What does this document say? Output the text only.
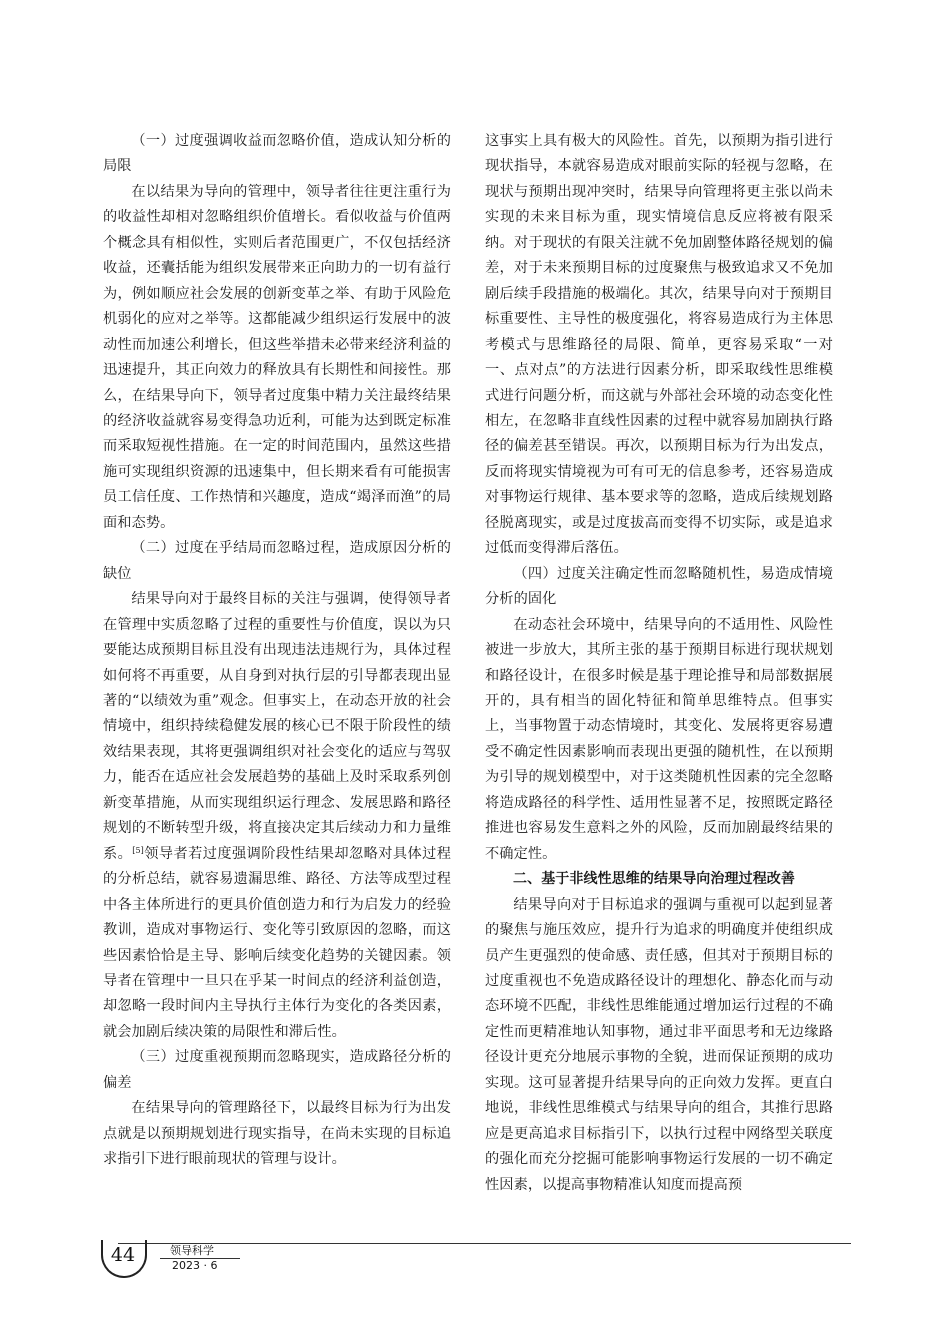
（一）过度强调收益而忽略价值，造成认知分析的局限

在以结果为导向的管理中，领导者往往更注重行为的收益性却相对忽略组织价值增长。看似收益与价值两个概念具有相似性，实则后者范围更广，不仅包括经济收益，还囊括能为组织发展带来正向助力的一切有益行为，例如顺应社会发展的创新变革之举、有助于风险危机弱化的应对之举等。这都能减少组织运行发展中的波动性而加速公利增长，但这些举措未必带来经济利益的迅速提升，其正向效力的释放具有长期性和间接性。那么，在结果导向下，领导者过度集中精力关注最终结果的经济收益就容易变得急功近利，可能为达到既定标准而采取短视性措施。在一定的时间范围内，虽然这些措施可实现组织资源的迅速集中，但长期来看有可能损害员工信任度、工作热情和兴趣度，造成“竭泽而渔”的局面和态势。

（二）过度在乎结局而忽略过程，造成原因分析的缺位

结果导向对于最终目标的关注与强调，使得领导者在管理中实质忽略了过程的重要性与价值度，误以为只要能达成预期目标且没有出现违法违规行为，具体过程如何将不再重要，从自身到对执行层的引导都表现出显著的“以绩效为重”观念。但事实上，在动态开放的社会情境中，组织持续稳健发展的核心已不限于阶段性的绩效结果表现，其将更强调组织对社会变化的适应与驾驭力，能否在适应社会发展趋势的基础上及时采取系列创新变革措施，从而实现组织运行理念、发展思路和路径规划的不断转型升级，将直接决定其后续动力和力量维系。[5]领导者若过度强调阶段性结果却忽略对具体过程的分析总结，就容易遗漏思维、路径、方法等成型过程中各主体所进行的更具价值创造力和行为启发力的经验教训，造成对事物运行、变化等引致原因的忽略，而这些因素恰恰是主导、影响后续变化趋势的关键因素。领导者在管理中一旦只在乎某一时间点的经济利益创造，却忽略一段时间内主导执行主体行为变化的各类因素，就会加剧后续决策的局限性和滞后性。

（三）过度重视预期而忽略现实，造成路径分析的偏差

在结果导向的管理路径下，以最终目标为行为出发点就是以预期规划进行现实指导，在尚未实现的目标追求指引下进行眼前现状的管理与设计。

这事实上具有极大的风险性。首先，以预期为指引进行现状指导，本就容易造成对眼前实际的轻视与忽略，在现状与预期出现冲突时，结果导向管理将更主张以尚未实现的未来目标为重，现实情境信息反应将被有限采纳。对于现状的有限关注就不免加剧整体路径规划的偏差，对于未来预期目标的过度聚焦与极致追求又不免加剧后续手段措施的极端化。其次，结果导向对于预期目标重要性、主导性的极度强化，将容易造成行为主体思考模式与思维路径的局限、简单，更容易采取“一对一、点对点”的方法进行因素分析，即采取线性思维模式进行问题分析，而这就与外部社会环境的动态变化性相左，在忽略非直线性因素的过程中就容易加剧执行路径的偏差甚至错误。再次，以预期目标为行为出发点，反而将现实情境视为可有可无的信息参考，还容易造成对事物运行规律、基本要求等的忽略，造成后续规划路径脱离现实，或是过度拔高而变得不切实际，或是追求过低而变得滞后落伍。

（四）过度关注确定性而忽略随机性，易造成情境分析的固化

在动态社会环境中，结果导向的不适用性、风险性被进一步放大，其所主张的基于预期目标进行现状规划和路径设计，在很多时候是基于理论推导和局部数据展开的，具有相当的固化特征和简单思维特点。但事实上，当事物置于动态情境时，其变化、发展将更容易遭受不确定性因素影响而表现出更强的随机性，在以预期为引导的规划模型中，对于这类随机性因素的完全忽略将造成路径的科学性、适用性显著不足，按照既定路径推进也容易发生意料之外的风险，反而加剧最终结果的不确定性。

二、基于非线性思维的结果导向治理过程改善

结果导向对于目标追求的强调与重视可以起到显著的聚焦与施压效应，提升行为追求的明确度并使组织成员产生更强烈的使命感、责任感，但其对于预期目标的过度重视也不免造成路径设计的理想化、静态化而与动态环境不匹配，非线性思维能通过增加运行过程的不确定性而更精准地认知事物，通过非平面思考和无边缘路径设计更充分地展示事物的全貌，进而保证预期的成功实现。这可显著提升结果导向的正向效力发挥。更直白地说，非线性思维模式与结果导向的组合，其推行思路应是更高追求目标指引下，以执行过程中网络型关联度的强化而充分挖掘可能影响事物运行发展的一切不确定性因素，以提高事物精准认知度而提高预

44	领导科学
2023 · 6
